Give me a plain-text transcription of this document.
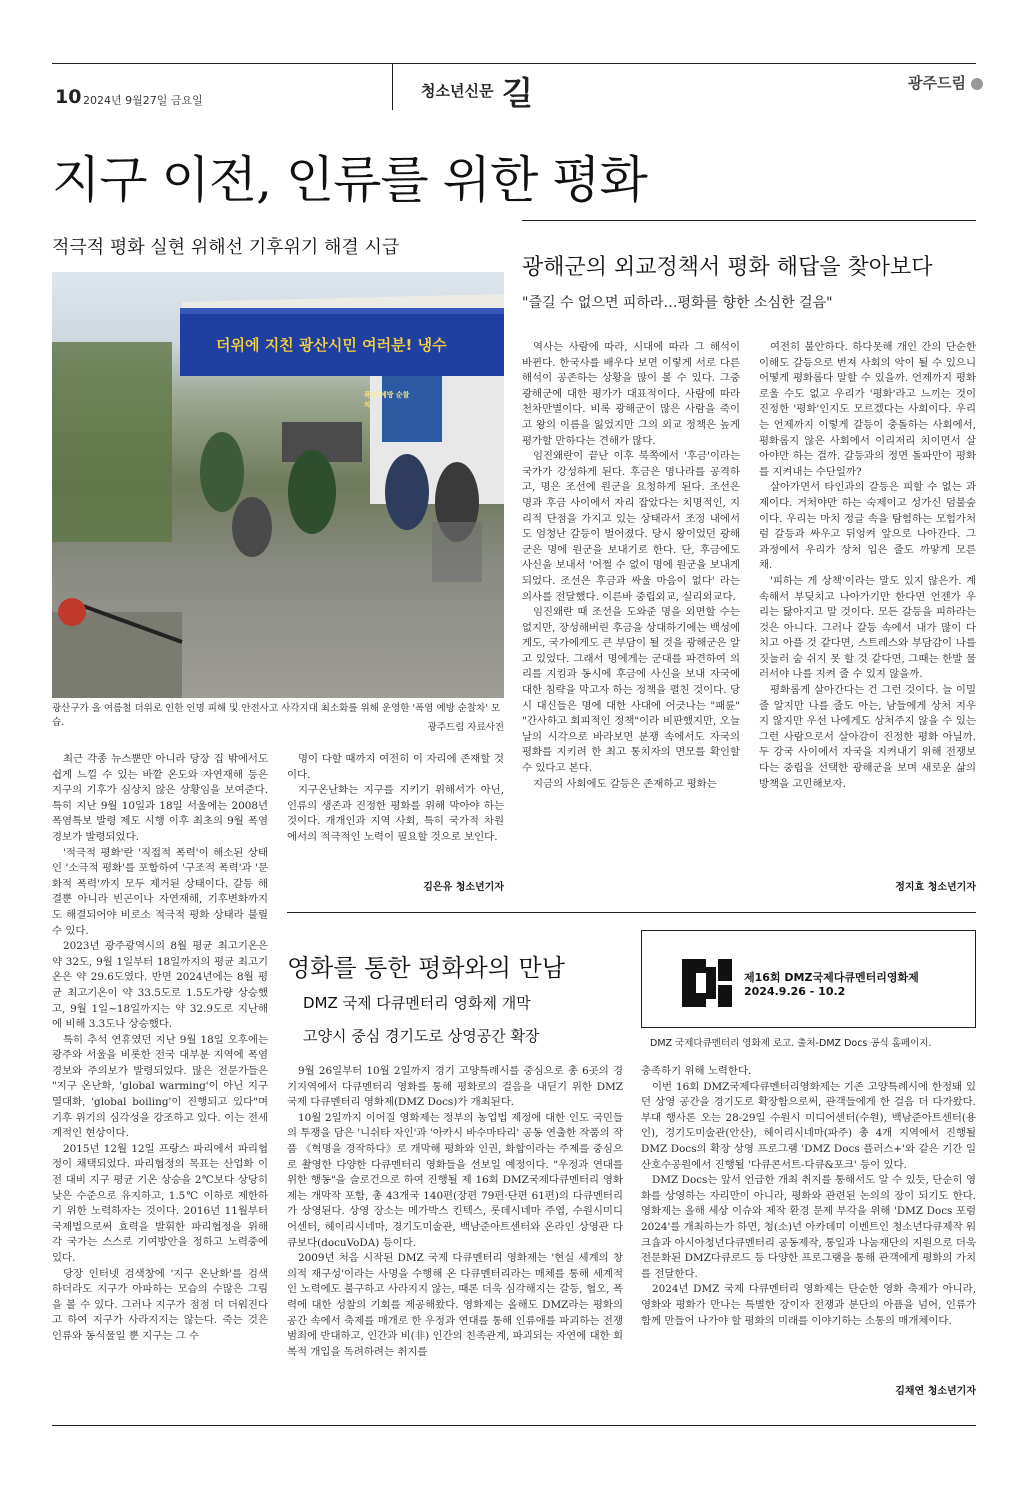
10 2024년 9월27일 금요일
청소년신문 길	광주드림
지구 이전, 인류를 위한 평화
적극적 평화 실현 위해선 기후위기 해결 시급
더위에 지친 광산시민 여러분! 냉수
폭염 예방 순찰차
광산구가 올 여름철 더위로 인한 인명 피해 및 안전사고 사각지대 최소화를 위해 운영한 '폭염 예방 순찰차' 모습.	광주드림 자료사진

최근 각종 뉴스뿐만 아니라 당장 집 밖에서도 쉽게 느낄 수 있는 바깥 온도와 자연재해 등은 지구의 기후가 심상치 않은 상황임을 보여준다. 특히 지난 9월 10일과 18일 서울에는 2008년 폭염특보 발령 제도 시행 이후 최초의 9월 폭염경보가 발령되었다.

'적극적 평화'란 '직접적 폭력'이 해소된 상태인 '소극적 평화'를 포함하여 '구조적 폭력'과 '문화적 폭력'까지 모두 제거된 상태이다. 갈등 해결뿐 아니라 빈곤이나 자연재해, 기후변화까지도 해결되어야 비로소 적극적 평화 상태라 불릴 수 있다.

2023년 광주광역시의 8월 평균 최고기온은 약 32도, 9월 1일부터 18일까지의 평균 최고기온은 약 29.6도였다. 반면 2024년에는 8월 평균 최고기온이 약 33.5도로 1.5도가량 상승했고, 9월 1일~18일까지는 약 32.9도로 지난해에 비해 3.3도나 상승했다.

특히 추석 연휴였던 지난 9월 18일 오후에는 광주와 서울을 비롯한 전국 대부분 지역에 폭염경보와 주의보가 발령되었다. 많은 전문가들은 "지구 온난화, 'global warming'이 아닌 지구 열대화, 'global boiling'이 진행되고 있다"며 기후 위기의 심각성을 강조하고 있다. 이는 전세계적인 현상이다.

2015년 12월 12일 프랑스 파리에서 파리협정이 채택되었다. 파리협정의 목표는 산업화 이전 대비 지구 평균 기온 상승을 2℃보다 상당히 낮은 수준으로 유지하고, 1.5℃ 이하로 제한하기 위한 노력하자는 것이다. 2016년 11월부터 국제법으로써 효력을 발휘한 파리협정을 위해 각 국가는 스스로 기여방안을 정하고 노력중에 있다.

당장 인터넷 검색창에 '지구 온난화'를 검색 하더라도 지구가 아파하는 모습의 수많은 그림을 볼 수 있다. 그러나 지구가 점점 더 더워진다고 하여 지구가 사라지지는 않는다. 죽는 것은 인류와 동식물일 뿐 지구는 그 수

명이 다할 때까지 여전히 이 자리에 존재할 것이다.

지구온난화는 지구를 지키기 위해서가 아닌, 인류의 생존과 진정한 평화를 위해 막아야 하는 것이다. 개개인과 지역 사회, 특히 국가적 차원에서의 적극적인 노력이 필요할 것으로 보인다.

김은유 청소년기자
광해군의 외교정책서 평화 해답을 찾아보다
"즐길 수 없으면 피하라…평화를 향한 소심한 걸음"

역사는 사람에 따라, 시대에 따라 그 해석이 바뀐다. 한국사를 배우다 보면 이렇게 서로 다른 해석이 공존하는 상황을 많이 볼 수 있다. 그중 광해군에 대한 평가가 대표적이다. 사람에 따라 천차만별이다. 비록 광해군이 많은 사람을 죽이고 왕의 이름을 잃었지만 그의 외교 정책은 높게 평가할 만하다는 견해가 많다.

임진왜란이 끝난 이후 북쪽에서 '후금'이라는 국가가 강성하게 된다. 후금은 명나라를 공격하고, 명은 조선에 원군을 요청하게 된다. 조선은 명과 후금 사이에서 자리 잡았다는 치명적인, 지리적 단점을 가지고 있는 상태라서 조정 내에서도 엄청난 갈등이 벌어졌다. 당시 왕이었던 광해군은 명에 원군을 보내기로 한다. 단, 후금에도 사신을 보내서 '어쩔 수 없이 명에 원군을 보내게 되었다. 조선은 후금과 싸울 마음이 없다' 라는 의사를 전달했다. 이른바 중립외교, 실리외교다.

임진왜란 때 조선을 도와준 명을 외면할 수는 없지만, 장성해버린 후금을 상대하기에는 백성에게도, 국가에게도 큰 부담이 될 것을 광해군은 알고 있었다. 그래서 명에게는 군대를 파견하여 의리를 지킴과 동시에 후금에 사신을 보내 자국에 대한 침략을 막고자 하는 정책을 펼친 것이다. 당시 대신들은 명에 대한 사대에 어긋나는 "패륜" "간사하고 회피적인 정책"이라 비판했지만, 오늘날의 시각으로 바라보면 분쟁 속에서도 자국의 평화를 지키려 한 최고 통치자의 면모를 확인할 수 있다고 본다.

지금의 사회에도 갈등은 존재하고 평화는

여전히 불안하다. 하다못해 개인 간의 단순한 이해도 갈등으로 번져 사회의 악이 될 수 있으니 어떻게 평화롭다 말할 수 있을까. 언제까지 평화로울 수도 없고 우리가 '평화'라고 느끼는 것이 진정한 '평화'인지도 모르겠다는 사회이다. 우리는 언제까지 이렇게 갈등이 충돌하는 사회에서, 평화롭지 않은 사회에서 이리저리 치이면서 살아야만 하는 걸까. 갈등과의 정면 돌파만이 평화를 지켜내는 수단일까?

살아가면서 타인과의 갈등은 피할 수 없는 과제이다. 거처야만 하는 숙제이고 성가신 덤불숲이다. 우리는 마치 정글 속을 탐험하는 모험가처럼 갈등과 싸우고 뒤엉켜 앞으로 나아간다. 그 과정에서 우리가 상처 입은 줄도 까맣게 모른 채.

'피하는 게 상책'이라는 말도 있지 않은가. 계속해서 부딪치고 나아가기만 한다면 언젠가 우리는 닳아지고 말 것이다. 모든 갈등을 피하라는 것은 아니다. 그러나 갈등 속에서 내가 많이 다치고 아플 것 같다면, 스트레스와 부담감이 나를 짓눌러 숨 쉬지 못 할 것 같다면, 그때는 한발 물러서야 나를 지켜 줄 수 있지 않을까.

평화롭게 살아간다는 건 그런 것이다. 늘 이밀 줄 알지만 나를 줄도 아는, 남들에게 상처 지우지 않지만 우선 나에게도 상처주지 않을 수 있는 그런 사람으로서 살아감이 진정한 평화 아닐까. 두 강국 사이에서 자국을 지켜내기 위해 전쟁보다는 중립을 선택한 광해군을 보며 새로운 삶의 방책을 고민해보자.

정지효 청소년기자
영화를 통한 평화와의 만남
DMZ 국제 다큐멘터리 영화제 개막
고양시 중심 경기도로 상영공간 확장
제16회 DMZ국제다큐멘터리영화제
2024.9.26 - 10.2
DMZ 국제다큐멘터리 영화제 로고. 출처-DMZ Docs 공식 홈페이지.

9월 26일부터 10월 2일까지 경기 고양특례시를 중심으로 총 6곳의 경기지역에서 다큐멘터리 영화를 통해 평화로의 걸음을 내딛기 위한 DMZ 국제 다큐멘터리 영화제(DMZ Docs)가 개최된다.

10월 2일까지 이어질 영화제는 정부의 농업법 제정에 대한 인도 국민들의 투쟁을 담은 '니쉬타 자인'과 '아카시 바수마타리' 공동 연출한 작품의 작품 《혁명을 경작하다》로 개막해 평화와 인권, 화합이라는 주제를 중심으로 촬영한 다양한 다큐멘터리 영화들을 선보일 예정이다. "우정과 연대를 위한 행동"을 슬로건으로 하여 진행될 제 16회 DMZ국제다큐멘터리 영화제는 개막작 포함, 총 43개국 140편(장편 79편·단편 61편)의 다큐멘터리가 상영된다. 상영 장소는 메가박스 킨텍스, 롯데시네마 주엽, 수원시미디어센터, 헤이리시네마, 경기도미술관, 백남준아트센터와 온라인 상영관 다큐보다(docuVoDA) 등이다.

2009년 처음 시작된 DMZ 국제 다큐멘터리 영화제는 '현실 세계의 창의적 재구성'이라는 사명을 수행해 온 다큐멘터리라는 매체를 통해 세계적인 노력에도 불구하고 사라지지 않는, 때론 더욱 심각해지는 갈등, 협오, 폭력에 대한 성찰의 기회를 제공해왔다. 영화제는 올해도 DMZ라는 평화의 공간 속에서 축제를 매개로 한 우정과 연대를 통해 인류애를 파괴하는 전쟁 범죄에 반대하고, 인간과 비(非) 인간의 친족관계, 파괴되는 자연에 대한 회복적 개입을 독려하려는 취지를

충족하기 위해 노력한다.

이번 16회 DMZ국제다큐멘터리영화제는 기존 고양특례시에 한정돼 있던 상영 공간을 경기도로 확장함으로써, 관객들에게 한 걸음 더 다가왔다. 부대 행사론 오는 28-29일 수원시 미디어센터(수원), 백남준아트센터(용인), 경기도미술관(안산), 헤이리시네마(파주) 총 4개 지역에서 진행될 DMZ Docs의 확장 상영 프로그램 'DMZ Docs 플러스+'와 같은 기간 일산호수공원에서 진행될 '다큐콘서트-다큐&포크' 등이 있다.

DMZ Docs는 앞서 언급한 개최 취지를 통해서도 알 수 있듯, 단순히 영화를 상영하는 자리만이 아니라, 평화와 관련된 논의의 장이 되기도 한다. 영화제는 올해 세상 이슈와 제작 환경 문제 부각을 위해 'DMZ Docs 포럼 2024'를 개최하는가 하면, 청(소)년 아카데미 이벤트인 청소년다큐제작 워크숍과 아시아청년다큐멘터리 공동제작, 통일과 나눔재단의 지원으로 더욱 전문화된 DMZ다큐로드 등 다양한 프로그램을 통해 관객에게 평화의 가치를 전달한다.

2024년 DMZ 국제 다큐멘터리 영화제는 단순한 영화 축제가 아니라, 영화와 평화가 만나는 특별한 장이자 전쟁과 분단의 아픔을 넘어, 인류가 함께 만들어 나가야 할 평화의 미래를 이야기하는 소통의 매개체이다.

김채연 청소년기자
